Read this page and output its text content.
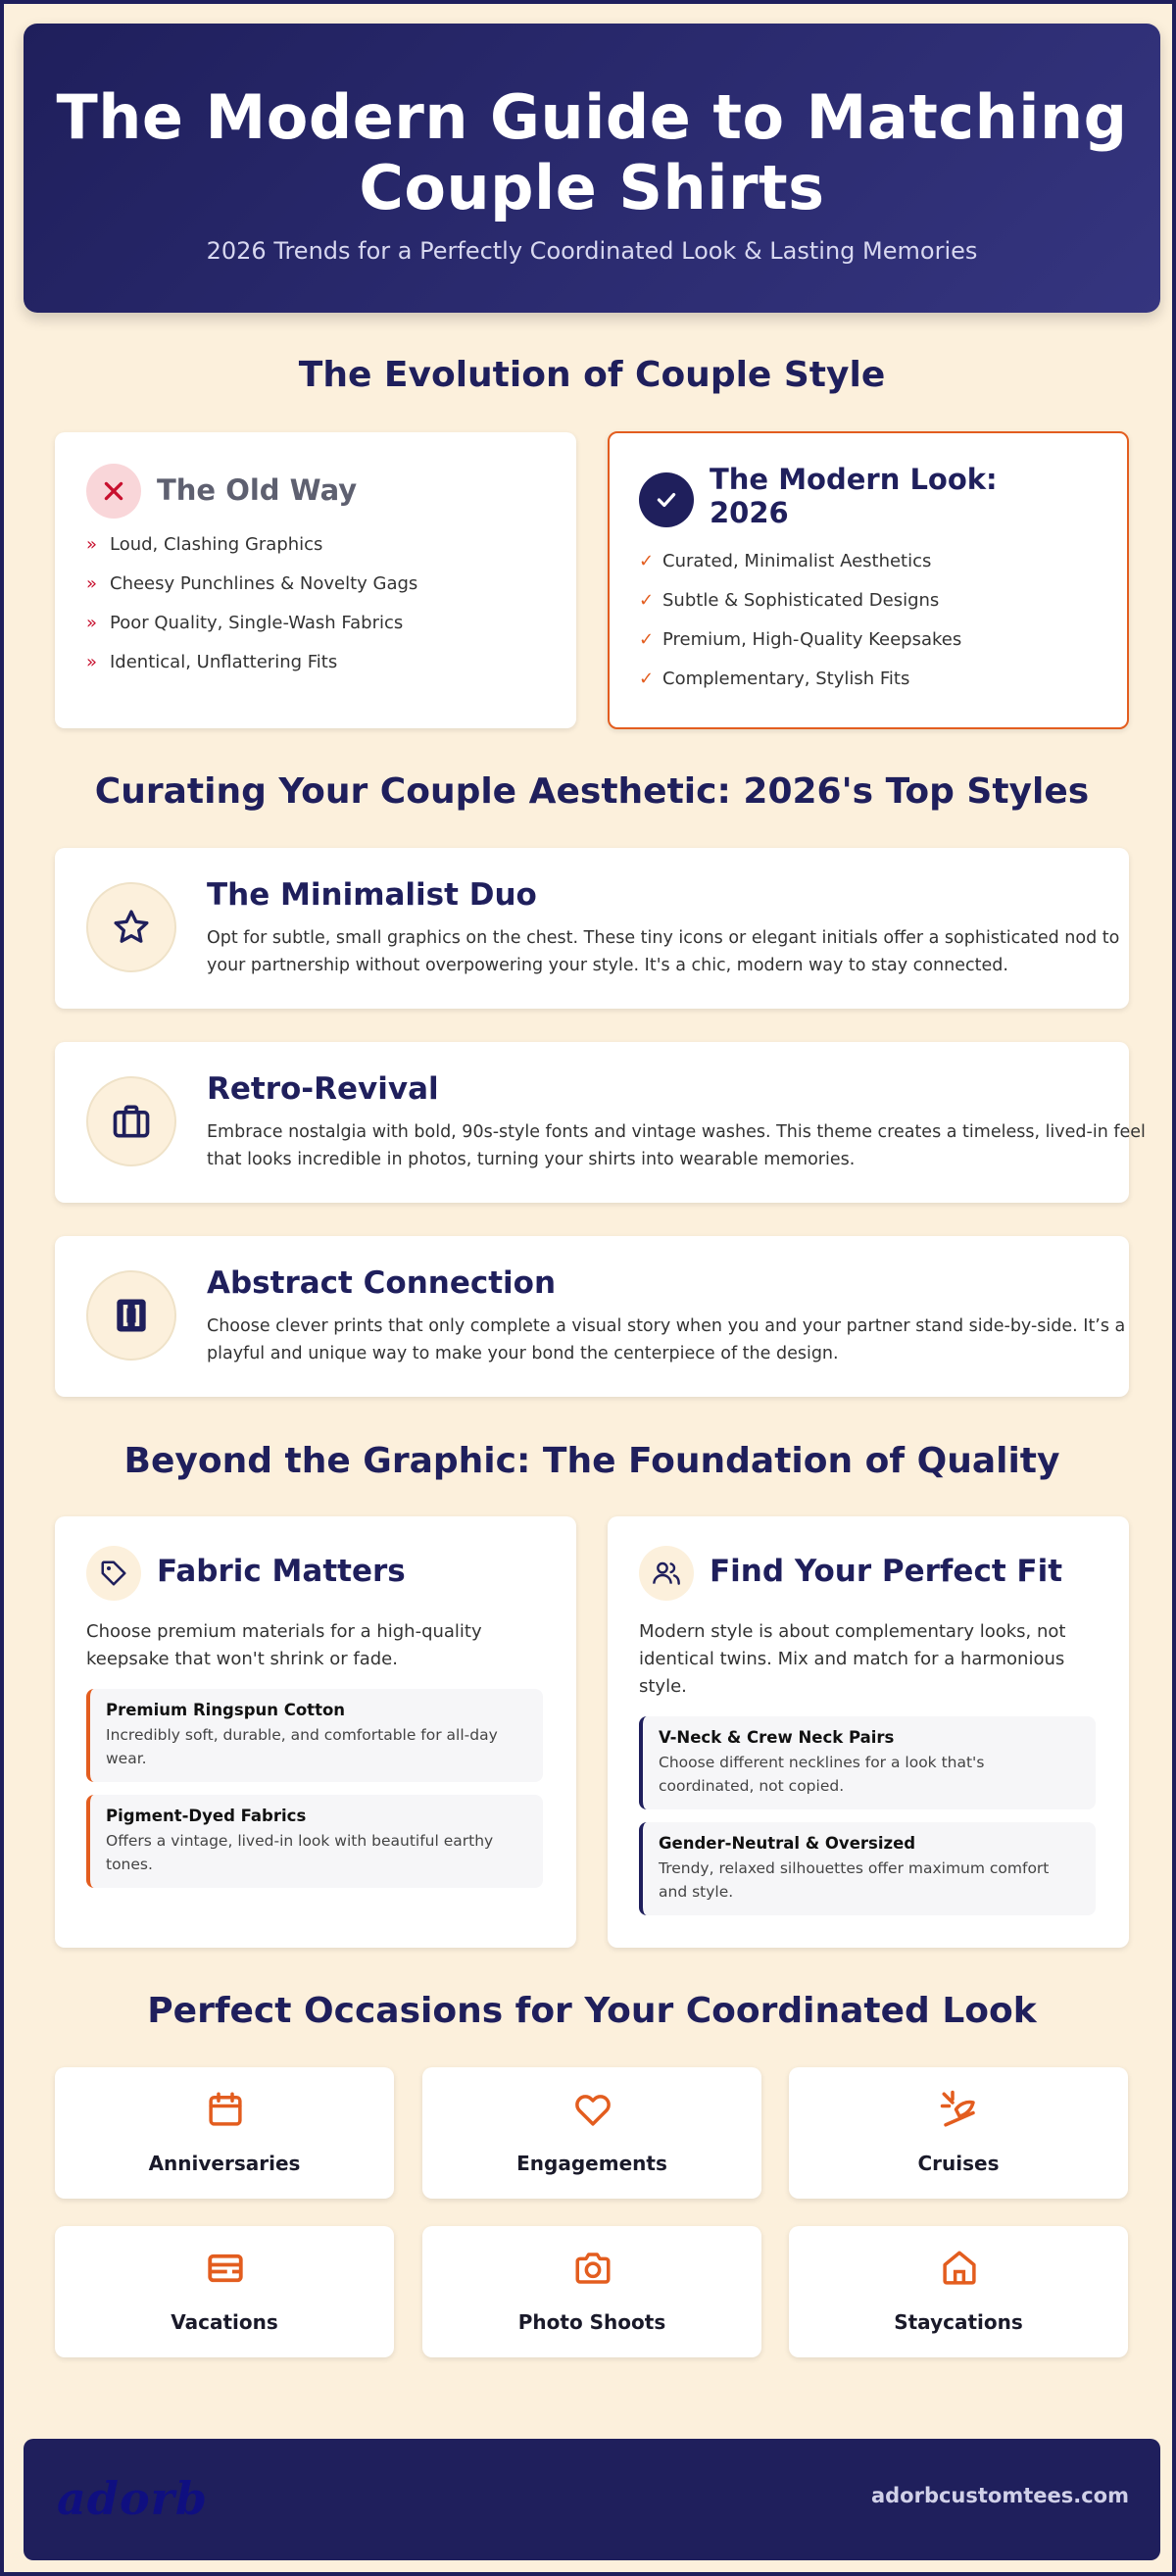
The Modern Guide to Matching Couple Shirts

2026 Trends for a Perfectly Coordinated Look & Lasting Memories

The Evolution of Couple Style
The Old Way
» Loud, Clashing Graphics
» Cheesy Punchlines & Novelty Gags
» Poor Quality, Single-Wash Fabrics
» Identical, Unflattering Fits
The Modern Look: 2026
✓ Curated, Minimalist Aesthetics
✓ Subtle & Sophisticated Designs
✓ Premium, High-Quality Keepsakes
✓ Complementary, Stylish Fits
Curating Your Couple Aesthetic: 2026's Top Styles
The Minimalist Duo

Opt for subtle, small graphics on the chest. These tiny icons or elegant initials offer a sophisticated nod to your partnership without overpowering your style. It's a chic, modern way to stay connected.

Retro-Revival

Embrace nostalgia with bold, 90s-style fonts and vintage washes. This theme creates a timeless, lived-in feel that looks incredible in photos, turning your shirts into wearable memories.

Abstract Connection

Choose clever prints that only complete a visual story when you and your partner stand side-by-side. It’s a playful and unique way to make your bond the centerpiece of the design.

Beyond the Graphic: The Foundation of Quality
Fabric Matters
Choose premium materials for a high-quality keepsake that won't shrink or fade.
Premium Ringspun Cotton
Incredibly soft, durable, and comfortable for all-day wear.
Pigment-Dyed Fabrics
Offers a vintage, lived-in look with beautiful earthy tones.
Find Your Perfect Fit
Modern style is about complementary looks, not identical twins. Mix and match for a harmonious style.
V-Neck & Crew Neck Pairs
Choose different necklines for a look that's coordinated, not copied.
Gender-Neutral & Oversized
Trendy, relaxed silhouettes offer maximum comfort and style.
Perfect Occasions for Your Coordinated Look
Anniversaries	Engagements	Cruises
Vacations	Photo Shoots	Staycations
adorb	adorbcustomtees.com
